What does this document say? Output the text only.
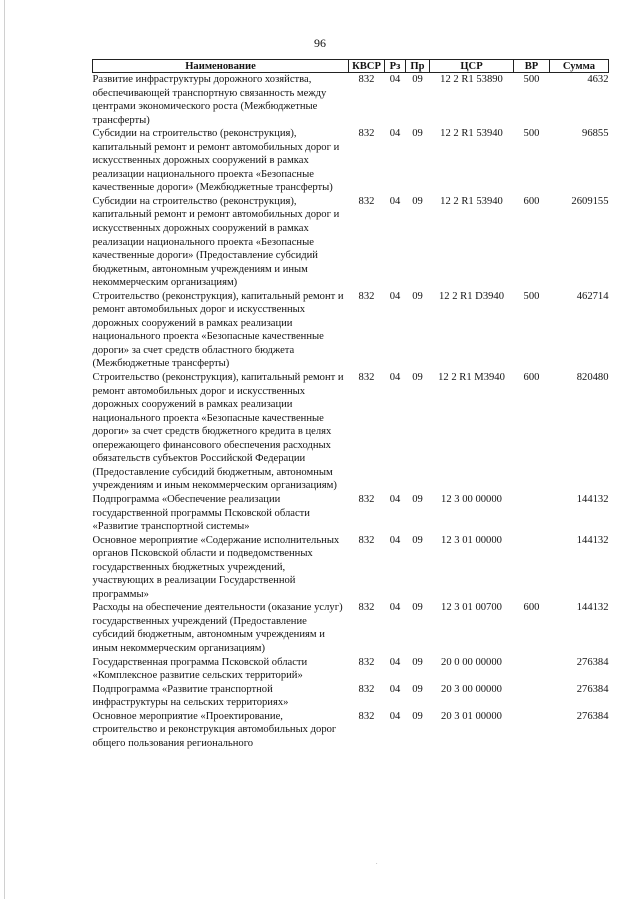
96
Наименование	КВСР	Рз	Пр	ЦСР	ВР	Сумма
Развитие инфраструктуры дорожного хозяйства, обеспечивающей транспортную связанность между центрами экономического роста (Межбюджетные трансферты)	832	04	09	12 2 R1 53890	500	4632
Субсидии на строительство (реконструкция), капитальный ремонт и ремонт автомобильных дорог и искусственных дорожных сооружений в рамках реализации национального проекта «Безопасные качественные дороги» (Межбюджетные трансферты)	832	04	09	12 2 R1 53940	500	96855
Субсидии на строительство (реконструкция), капитальный ремонт и ремонт автомобильных дорог и искусственных дорожных сооружений в рамках реализации национального проекта «Безопасные качественные дороги» (Предоставление субсидий бюджетным, автономным учреждениям и иным некоммерческим организациям)	832	04	09	12 2 R1 53940	600	2609155
Строительство (реконструкция), капитальный ремонт и ремонт автомобильных дорог и искусственных дорожных сооружений в рамках реализации национального проекта «Безопасные качественные дороги» за счет средств областного бюджета (Межбюджетные трансферты)	832	04	09	12 2 R1 D3940	500	462714
Строительство (реконструкция), капитальный ремонт и ремонт автомобильных дорог и искусственных дорожных сооружений в рамках реализации национального проекта «Безопасные качественные дороги» за счет средств бюджетного кредита в целях опережающего финансового обеспечения расходных обязательств субъектов Российской Федерации (Предоставление субсидий бюджетным, автономным учреждениям и иным некоммерческим организациям)	832	04	09	12 2 R1 M3940	600	820480
Подпрограмма «Обеспечение реализации государственной программы Псковской области «Развитие транспортной системы»	832	04	09	12 3 00 00000		144132
Основное мероприятие «Содержание исполнительных органов Псковской области и подведомственных государственных бюджетных учреждений, участвующих в реализации Государственной программы»	832	04	09	12 3 01 00000		144132
Расходы на обеспечение деятельности (оказание услуг) государственных учреждений (Предоставление субсидий бюджетным, автономным учреждениям и иным некоммерческим организациям)	832	04	09	12 3 01 00700	600	144132
Государственная программа Псковской области «Комплексное развитие сельских территорий»	832	04	09	20 0 00 00000		276384
Подпрограмма «Развитие транспортной инфраструктуры на сельских территориях»	832	04	09	20 3 00 00000		276384
Основное мероприятие «Проектирование, строительство и реконструкция автомобильных дорог общего пользования регионального	832	04	09	20 3 01 00000		276384
.
